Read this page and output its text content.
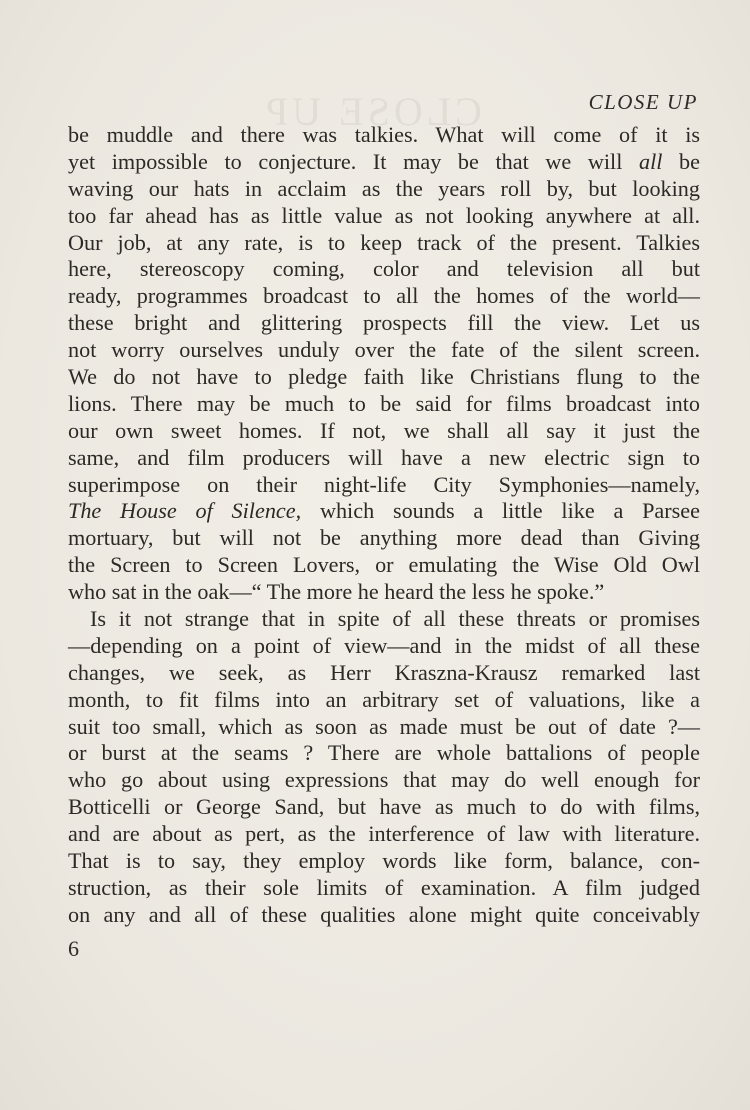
CLOSE UP	CLOSE UP
be muddle and there was talkies. What will come of it is
yet impossible to conjecture. It may be that we will all be
waving our hats in acclaim as the years roll by, but looking
too far ahead has as little value as not looking anywhere at all.
Our job, at any rate, is to keep track of the present. Talkies
here, stereoscopy coming, color and television all but
ready, programmes broadcast to all the homes of the world—
these bright and glittering prospects fill the view. Let us
not worry ourselves unduly over the fate of the silent screen.
We do not have to pledge faith like Christians flung to the
lions. There may be much to be said for films broadcast into
our own sweet homes. If not, we shall all say it just the
same, and film producers will have a new electric sign to
superimpose on their night-life City Symphonies—namely,
The House of Silence, which sounds a little like a Parsee
mortuary, but will not be anything more dead than Giving
the Screen to Screen Lovers, or emulating the Wise Old Owl
who sat in the oak—“ The more he heard the less he spoke.”
Is it not strange that in spite of all these threats or promises
—depending on a point of view—and in the midst of all these
changes, we seek, as Herr Kraszna-Krausz remarked last
month, to fit films into an arbitrary set of valuations, like a
suit too small, which as soon as made must be out of date ?—
or burst at the seams ? There are whole battalions of people
who go about using expressions that may do well enough for
Botticelli or George Sand, but have as much to do with films,
and are about as pert, as the interference of law with literature.
That is to say, they employ words like form, balance, con-
struction, as their sole limits of examination. A film judged
on any and all of these qualities alone might quite conceivably
6
